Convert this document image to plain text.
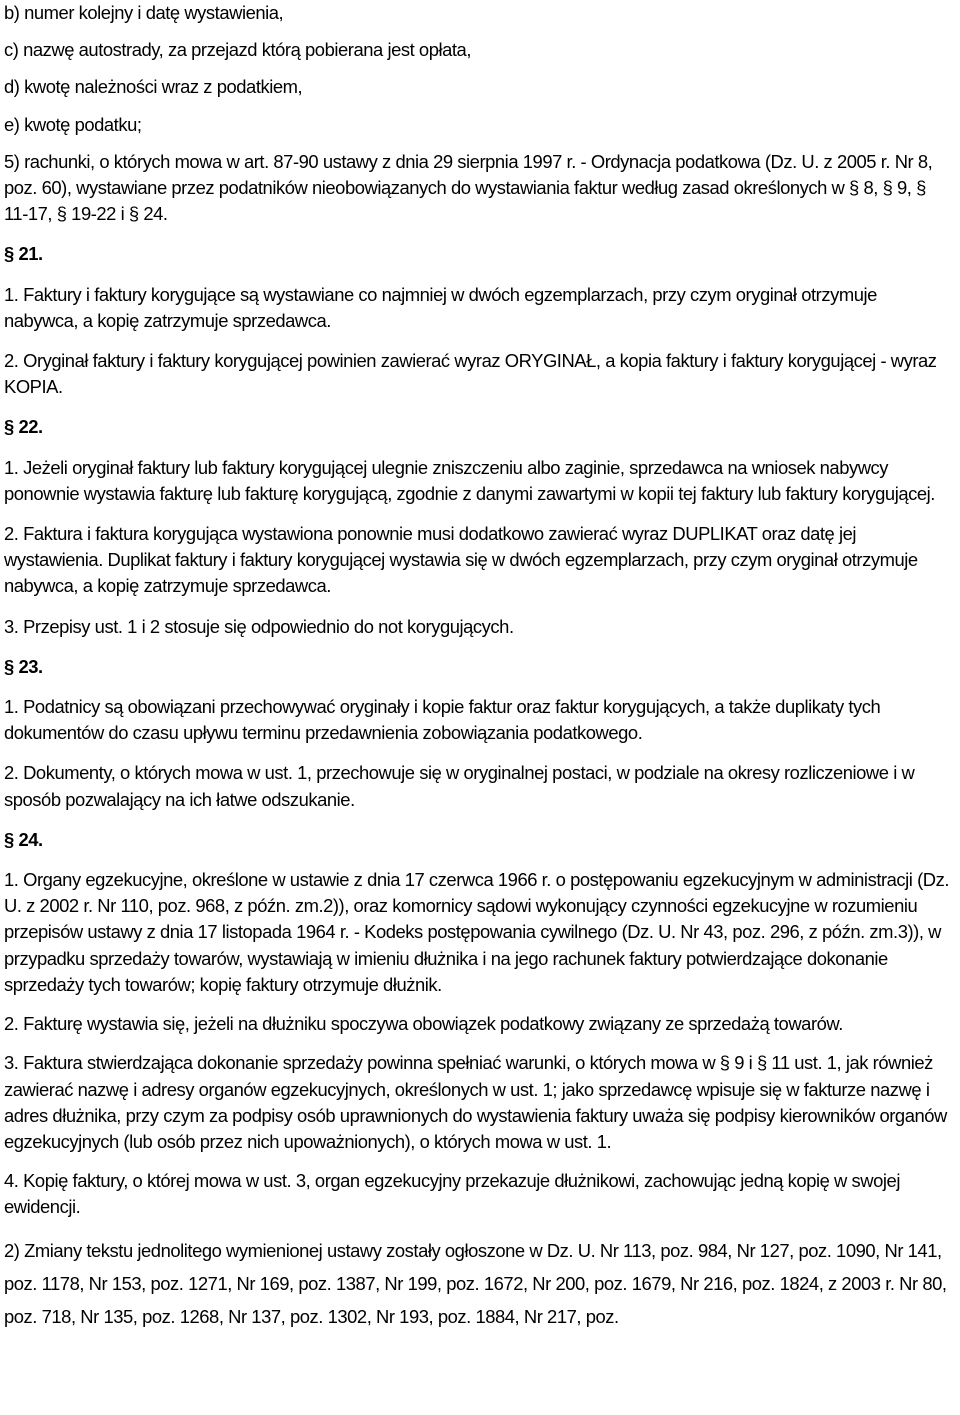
b) numer kolejny i datę wystawienia,

c) nazwę autostrady, za przejazd którą pobierana jest opłata,

d) kwotę należności wraz z podatkiem,

e) kwotę podatku;

5) rachunki, o których mowa w art. 87-90 ustawy z dnia 29 sierpnia 1997 r. - Ordynacja podatkowa (Dz. U. z 2005 r. Nr 8, poz. 60), wystawiane przez podatników nieobowiązanych do wystawiania faktur według zasad określonych w § 8, § 9, § 11-17, § 19-22 i § 24.

§ 21.

1. Faktury i faktury korygujące są wystawiane co najmniej w dwóch egzemplarzach, przy czym oryginał otrzymuje nabywca, a kopię zatrzymuje sprzedawca.

2. Oryginał faktury i faktury korygującej powinien zawierać wyraz ORYGINAŁ, a kopia faktury i faktury korygującej - wyraz KOPIA.

§ 22.

1. Jeżeli oryginał faktury lub faktury korygującej ulegnie zniszczeniu albo zaginie, sprzedawca na wniosek nabywcy ponownie wystawia fakturę lub fakturę korygującą, zgodnie z danymi zawartymi w kopii tej faktury lub faktury korygującej.

2. Faktura i faktura korygująca wystawiona ponownie musi dodatkowo zawierać wyraz DUPLIKAT oraz datę jej wystawienia. Duplikat faktury i faktury korygującej wystawia się w dwóch egzemplarzach, przy czym oryginał otrzymuje nabywca, a kopię zatrzymuje sprzedawca.

3. Przepisy ust. 1 i 2 stosuje się odpowiednio do not korygujących.

§ 23.

1. Podatnicy są obowiązani przechowywać oryginały i kopie faktur oraz faktur korygujących, a także duplikaty tych dokumentów do czasu upływu terminu przedawnienia zobowiązania podatkowego.

2. Dokumenty, o których mowa w ust. 1, przechowuje się w oryginalnej postaci, w podziale na okresy rozliczeniowe i w sposób pozwalający na ich łatwe odszukanie.

§ 24.

1. Organy egzekucyjne, określone w ustawie z dnia 17 czerwca 1966 r. o postępowaniu egzekucyjnym w administracji (Dz. U. z 2002 r. Nr 110, poz. 968, z późn. zm.2)), oraz komornicy sądowi wykonujący czynności egzekucyjne w rozumieniu przepisów ustawy z dnia 17 listopada 1964 r. - Kodeks postępowania cywilnego (Dz. U. Nr 43, poz. 296, z późn. zm.3)), w przypadku sprzedaży towarów, wystawiają w imieniu dłużnika i na jego rachunek faktury potwierdzające dokonanie sprzedaży tych towarów; kopię faktury otrzymuje dłużnik.

2. Fakturę wystawia się, jeżeli na dłużniku spoczywa obowiązek podatkowy związany ze sprzedażą towarów.

3. Faktura stwierdzająca dokonanie sprzedaży powinna spełniać warunki, o których mowa w § 9 i § 11 ust. 1, jak również zawierać nazwę i adresy organów egzekucyjnych, określonych w ust. 1; jako sprzedawcę wpisuje się w fakturze nazwę i adres dłużnika, przy czym za podpisy osób uprawnionych do wystawienia faktury uważa się podpisy kierowników organów egzekucyjnych (lub osób przez nich upoważnionych), o których mowa w ust. 1.

4. Kopię faktury, o której mowa w ust. 3, organ egzekucyjny przekazuje dłużnikowi, zachowując jedną kopię w swojej ewidencji.

2) Zmiany tekstu jednolitego wymienionej ustawy zostały ogłoszone w Dz. U. Nr 113, poz. 984, Nr 127, poz. 1090, Nr 141, poz. 1178, Nr 153, poz. 1271, Nr 169, poz. 1387, Nr 199, poz. 1672, Nr 200, poz. 1679, Nr 216, poz. 1824, z 2003 r. Nr 80, poz. 718, Nr 135, poz. 1268, Nr 137, poz. 1302, Nr 193, poz. 1884, Nr 217, poz.
